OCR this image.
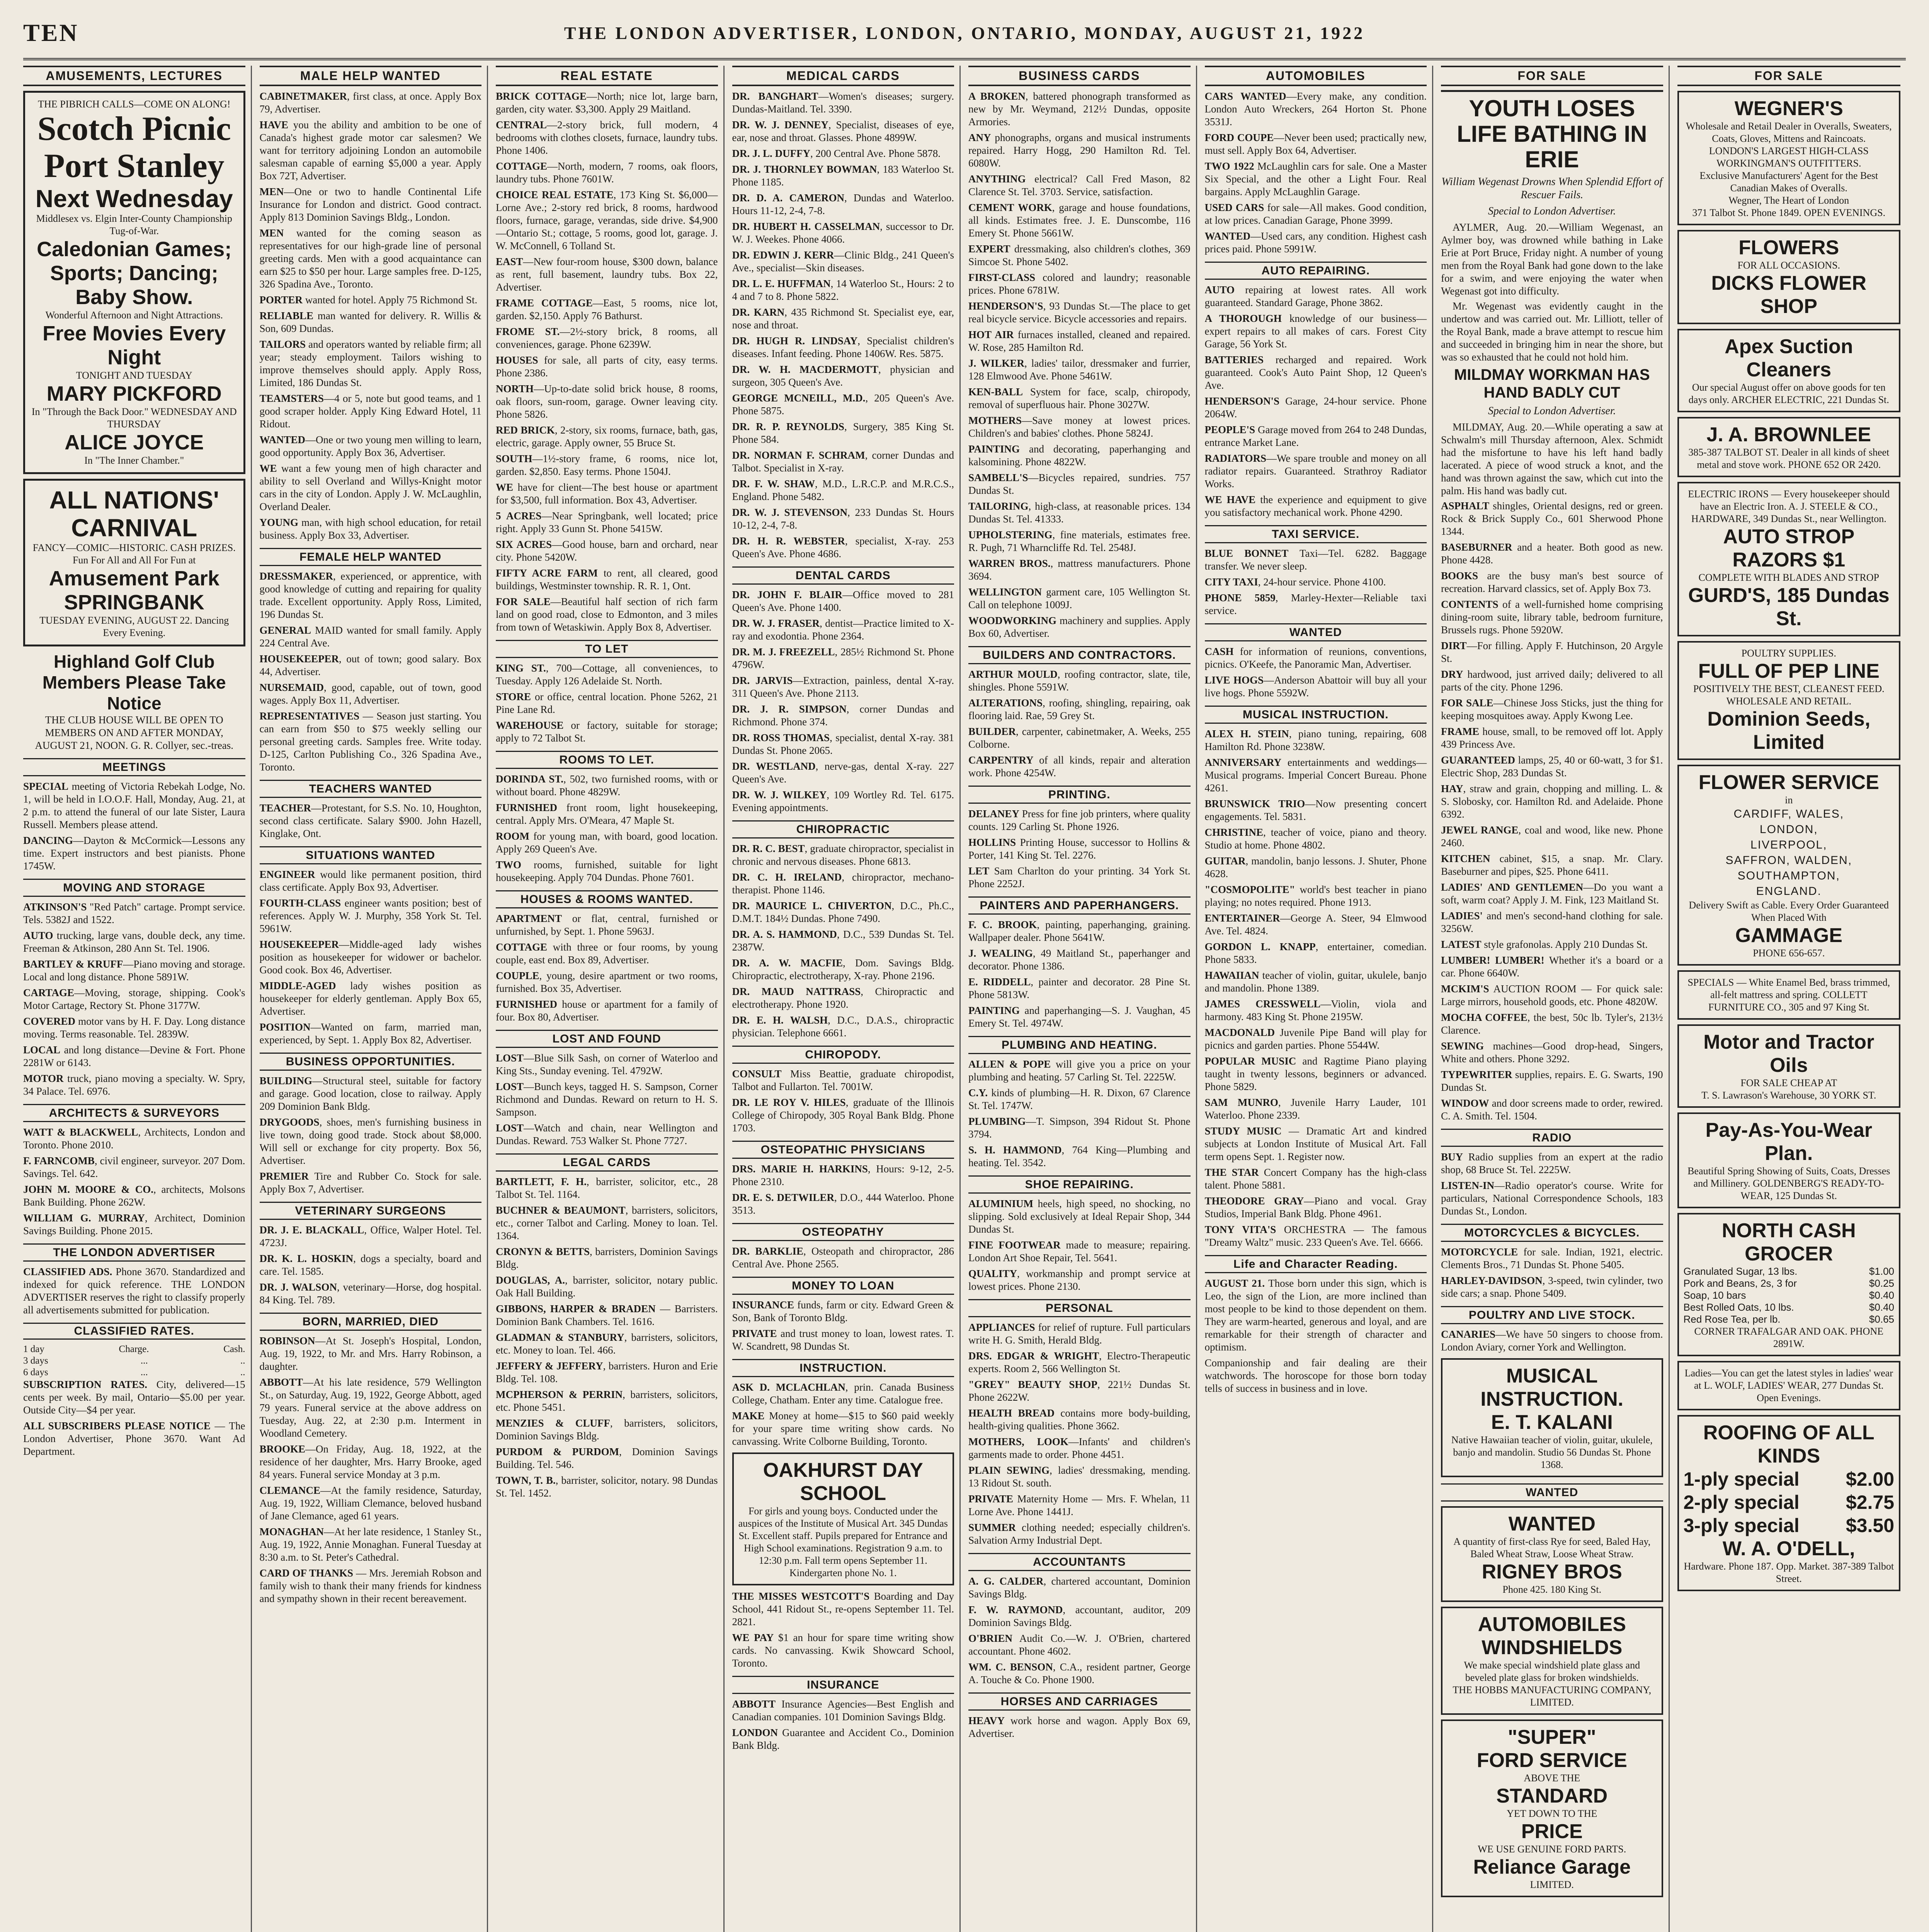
TEN	THE LONDON ADVERTISER, LONDON, ONTARIO, MONDAY, AUGUST 21, 1922
AMUSEMENTS, LECTURES
THE PIBRICH CALLS—COME ON ALONG!
Scotch Picnic
Port Stanley
Next Wednesday
Middlesex vs. Elgin Inter-County Championship Tug-of-War.
Caledonian Games; Sports; Dancing; Baby Show.
Wonderful Afternoon and Night Attractions.
Free Movies Every Night
TONIGHT AND TUESDAY
MARY PICKFORD
In "Through the Back Door." WEDNESDAY AND THURSDAY
ALICE JOYCE
In "The Inner Chamber."
ALL NATIONS'
CARNIVAL
FANCY—COMIC—HISTORIC. CASH PRIZES. Fun For All and All For Fun at
Amusement Park SPRINGBANK
TUESDAY EVENING, AUGUST 22. Dancing Every Evening.
Highland Golf Club Members Please Take Notice
THE CLUB HOUSE WILL BE OPEN TO MEMBERS ON AND AFTER MONDAY, AUGUST 21, NOON. G. R. Collyer, sec.-treas.
MEETINGS

SPECIAL meeting of Victoria Rebekah Lodge, No. 1, will be held in I.O.O.F. Hall, Monday, Aug. 21, at 2 p.m. to attend the funeral of our late Sister, Laura Russell. Members please attend.

DANCING—Dayton & McCormick—Lessons any time. Expert instructors and best pianists. Phone 1745W.

MOVING AND STORAGE

ATKINSON'S "Red Patch" cartage. Prompt service. Tels. 5382J and 1522.

AUTO trucking, large vans, double deck, any time. Freeman & Atkinson, 280 Ann St. Tel. 1906.

BARTLEY & KRUFF—Piano moving and storage. Local and long distance. Phone 5891W.

CARTAGE—Moving, storage, shipping. Cook's Motor Cartage, Rectory St. Phone 3177W.

COVERED motor vans by H. F. Day. Long distance moving. Terms reasonable. Tel. 2839W.

LOCAL and long distance—Devine & Fort. Phone 2281W or 6143.

MOTOR truck, piano moving a specialty. W. Spry, 34 Palace. Tel. 6976.

ARCHITECTS & SURVEYORS

WATT & BLACKWELL, Architects, London and Toronto. Phone 2010.

F. FARNCOMB, civil engineer, surveyor. 207 Dom. Savings. Tel. 642.

JOHN M. MOORE & CO., architects, Molsons Bank Building. Phone 262W.

WILLIAM G. MURRAY, Architect, Dominion Savings Building. Phone 2015.

THE LONDON ADVERTISER

CLASSIFIED ADS. Phone 3670. Standardized and indexed for quick reference. THE LONDON ADVERTISER reserves the right to classify properly all advertisements submitted for publication.

CLASSIFIED RATES.
1 day	Charge.	Cash.
3 days	...	..
6 days	...	..

SUBSCRIPTION RATES. City, delivered—15 cents per week. By mail, Ontario—$5.00 per year. Outside City—$4 per year.

ALL SUBSCRIBERS PLEASE NOTICE — The London Advertiser, Phone 3670. Want Ad Department.

MALE HELP WANTED

CABINETMAKER, first class, at once. Apply Box 79, Advertiser.

HAVE you the ability and ambition to be one of Canada's highest grade motor car salesmen? We want for territory adjoining London an automobile salesman capable of earning $5,000 a year. Apply Box 72T, Advertiser.

MEN—One or two to handle Continental Life Insurance for London and district. Good contract. Apply 813 Dominion Savings Bldg., London.

MEN wanted for the coming season as representatives for our high-grade line of personal greeting cards. Men with a good acquaintance can earn $25 to $50 per hour. Large samples free. D-125, 326 Spadina Ave., Toronto.

PORTER wanted for hotel. Apply 75 Richmond St.

RELIABLE man wanted for delivery. R. Willis & Son, 609 Dundas.

TAILORS and operators wanted by reliable firm; all year; steady employment. Tailors wishing to improve themselves should apply. Apply Ross, Limited, 186 Dundas St.

TEAMSTERS—4 or 5, note but good teams, and 1 good scraper holder. Apply King Edward Hotel, 11 Ridout.

WANTED—One or two young men willing to learn, good opportunity. Apply Box 36, Advertiser.

WE want a few young men of high character and ability to sell Overland and Willys-Knight motor cars in the city of London. Apply J. W. McLaughlin, Overland Dealer.

YOUNG man, with high school education, for retail business. Apply Box 33, Advertiser.

FEMALE HELP WANTED

DRESSMAKER, experienced, or apprentice, with good knowledge of cutting and repairing for quality trade. Excellent opportunity. Apply Ross, Limited, 196 Dundas St.

GENERAL MAID wanted for small family. Apply 224 Central Ave.

HOUSEKEEPER, out of town; good salary. Box 44, Advertiser.

NURSEMAID, good, capable, out of town, good wages. Apply Box 11, Advertiser.

REPRESENTATIVES — Season just starting. You can earn from $50 to $75 weekly selling our personal greeting cards. Samples free. Write today. D-125, Carlton Publishing Co., 326 Spadina Ave., Toronto.

TEACHERS WANTED

TEACHER—Protestant, for S.S. No. 10, Houghton, second class certificate. Salary $900. John Hazell, Kinglake, Ont.

SITUATIONS WANTED

ENGINEER would like permanent position, third class certificate. Apply Box 93, Advertiser.

FOURTH-CLASS engineer wants position; best of references. Apply W. J. Murphy, 358 York St. Tel. 5961W.

HOUSEKEEPER—Middle-aged lady wishes position as housekeeper for widower or bachelor. Good cook. Box 46, Advertiser.

MIDDLE-AGED lady wishes position as housekeeper for elderly gentleman. Apply Box 65, Advertiser.

POSITION—Wanted on farm, married man, experienced, by Sept. 1. Apply Box 82, Advertiser.

BUSINESS OPPORTUNITIES.

BUILDING—Structural steel, suitable for factory and garage. Good location, close to railway. Apply 209 Dominion Bank Bldg.

DRYGOODS, shoes, men's furnishing business in live town, doing good trade. Stock about $8,000. Will sell or exchange for city property. Box 56, Advertiser.

PREMIER Tire and Rubber Co. Stock for sale. Apply Box 7, Advertiser.

VETERINARY SURGEONS

DR. J. E. BLACKALL, Office, Walper Hotel. Tel. 4723J.

DR. K. L. HOSKIN, dogs a specialty, board and care. Tel. 1585.

DR. J. WALSON, veterinary—Horse, dog hospital. 84 King. Tel. 789.

BORN, MARRIED, DIED

ROBINSON—At St. Joseph's Hospital, London, Aug. 19, 1922, to Mr. and Mrs. Harry Robinson, a daughter.

ABBOTT—At his late residence, 579 Wellington St., on Saturday, Aug. 19, 1922, George Abbott, aged 79 years. Funeral service at the above address on Tuesday, Aug. 22, at 2:30 p.m. Interment in Woodland Cemetery.

BROOKE—On Friday, Aug. 18, 1922, at the residence of her daughter, Mrs. Harry Brooke, aged 84 years. Funeral service Monday at 3 p.m.

CLEMANCE—At the family residence, Saturday, Aug. 19, 1922, William Clemance, beloved husband of Jane Clemance, aged 61 years.

MONAGHAN—At her late residence, 1 Stanley St., Aug. 19, 1922, Annie Monaghan. Funeral Tuesday at 8:30 a.m. to St. Peter's Cathedral.

CARD OF THANKS — Mrs. Jeremiah Robson and family wish to thank their many friends for kindness and sympathy shown in their recent bereavement.

REAL ESTATE

BRICK COTTAGE—North; nice lot, large barn, garden, city water. $3,300. Apply 29 Maitland.

CENTRAL—2-story brick, full modern, 4 bedrooms with clothes closets, furnace, laundry tubs. Phone 1406.

COTTAGE—North, modern, 7 rooms, oak floors, laundry tubs. Phone 7601W.

CHOICE REAL ESTATE, 173 King St. $6,000—Lorne Ave.; 2-story red brick, 8 rooms, hardwood floors, furnace, garage, verandas, side drive. $4,900—Ontario St.; cottage, 5 rooms, good lot, garage. J. W. McConnell, 6 Tolland St.

EAST—New four-room house, $300 down, balance as rent, full basement, laundry tubs. Box 22, Advertiser.

FRAME COTTAGE—East, 5 rooms, nice lot, garden. $2,150. Apply 76 Bathurst.

FROME ST.—2½-story brick, 8 rooms, all conveniences, garage. Phone 6239W.

HOUSES for sale, all parts of city, easy terms. Phone 2386.

NORTH—Up-to-date solid brick house, 8 rooms, oak floors, sun-room, garage. Owner leaving city. Phone 5826.

RED BRICK, 2-story, six rooms, furnace, bath, gas, electric, garage. Apply owner, 55 Bruce St.

SOUTH—1½-story frame, 6 rooms, nice lot, garden. $2,850. Easy terms. Phone 1504J.

WE have for client—The best house or apartment for $3,500, full information. Box 43, Advertiser.

5 ACRES—Near Springbank, well located; price right. Apply 33 Gunn St. Phone 5415W.

SIX ACRES—Good house, barn and orchard, near city. Phone 5420W.

FIFTY ACRE FARM to rent, all cleared, good buildings, Westminster township. R. R. 1, Ont.

FOR SALE—Beautiful half section of rich farm land on good road, close to Edmonton, and 3 miles from town of Wetaskiwin. Apply Box 8, Advertiser.

TO LET

KING ST., 700—Cottage, all conveniences, to Tuesday. Apply 126 Adelaide St. North.

STORE or office, central location. Phone 5262, 21 Pine Lane Rd.

WAREHOUSE or factory, suitable for storage; apply to 72 Talbot St.

ROOMS TO LET.

DORINDA ST., 502, two furnished rooms, with or without board. Phone 4829W.

FURNISHED front room, light housekeeping, central. Apply Mrs. O'Meara, 47 Maple St.

ROOM for young man, with board, good location. Apply 269 Queen's Ave.

TWO rooms, furnished, suitable for light housekeeping. Apply 704 Dundas. Phone 7601.

HOUSES & ROOMS WANTED.

APARTMENT or flat, central, furnished or unfurnished, by Sept. 1. Phone 5963J.

COTTAGE with three or four rooms, by young couple, east end. Box 89, Advertiser.

COUPLE, young, desire apartment or two rooms, furnished. Box 35, Advertiser.

FURNISHED house or apartment for a family of four. Box 80, Advertiser.

LOST AND FOUND

LOST—Blue Silk Sash, on corner of Waterloo and King Sts., Sunday evening. Tel. 4792W.

LOST—Bunch keys, tagged H. S. Sampson, Corner Richmond and Dundas. Reward on return to H. S. Sampson.

LOST—Watch and chain, near Wellington and Dundas. Reward. 753 Walker St. Phone 7727.

LEGAL CARDS

BARTLETT, F. H., barrister, solicitor, etc., 28 Talbot St. Tel. 1164.

BUCHNER & BEAUMONT, barristers, solicitors, etc., corner Talbot and Carling. Money to loan. Tel. 1364.

CRONYN & BETTS, barristers, Dominion Savings Bldg.

DOUGLAS, A., barrister, solicitor, notary public. Oak Hall Building.

GIBBONS, HARPER & BRADEN — Barristers. Dominion Bank Chambers. Tel. 1616.

GLADMAN & STANBURY, barristers, solicitors, etc. Money to loan. Tel. 466.

JEFFERY & JEFFERY, barristers. Huron and Erie Bldg. Tel. 108.

MCPHERSON & PERRIN, barristers, solicitors, etc. Phone 5451.

MENZIES & CLUFF, barristers, solicitors, Dominion Savings Bldg.

PURDOM & PURDOM, Dominion Savings Building. Tel. 546.

TOWN, T. B., barrister, solicitor, notary. 98 Dundas St. Tel. 1452.

MEDICAL CARDS

DR. BANGHART—Women's diseases; surgery. Dundas-Maitland. Tel. 3390.

DR. W. J. DENNEY, Specialist, diseases of eye, ear, nose and throat. Glasses. Phone 4899W.

DR. J. L. DUFFY, 200 Central Ave. Phone 5878.

DR. J. THORNLEY BOWMAN, 183 Waterloo St. Phone 1185.

DR. D. A. CAMERON, Dundas and Waterloo. Hours 11-12, 2-4, 7-8.

DR. HUBERT H. CASSELMAN, successor to Dr. W. J. Weekes. Phone 4066.

DR. EDWIN J. KERR—Clinic Bldg., 241 Queen's Ave., specialist—Skin diseases.

DR. L. E. HUFFMAN, 14 Waterloo St., Hours: 2 to 4 and 7 to 8. Phone 5822.

DR. KARN, 435 Richmond St. Specialist eye, ear, nose and throat.

DR. HUGH R. LINDSAY, Specialist children's diseases. Infant feeding. Phone 1406W. Res. 5875.

DR. W. H. MACDERMOTT, physician and surgeon, 305 Queen's Ave.

GEORGE MCNEILL, M.D., 205 Queen's Ave. Phone 5875.

DR. R. P. REYNOLDS, Surgery, 385 King St. Phone 584.

DR. NORMAN F. SCHRAM, corner Dundas and Talbot. Specialist in X-ray.

DR. F. W. SHAW, M.D., L.R.C.P. and M.R.C.S., England. Phone 5482.

DR. W. J. STEVENSON, 233 Dundas St. Hours 10-12, 2-4, 7-8.

DR. H. R. WEBSTER, specialist, X-ray. 253 Queen's Ave. Phone 4686.

DENTAL CARDS

DR. JOHN F. BLAIR—Office moved to 281 Queen's Ave. Phone 1400.

DR. W. J. FRASER, dentist—Practice limited to X-ray and exodontia. Phone 2364.

DR. M. J. FREEZELL, 285½ Richmond St. Phone 4796W.

DR. JARVIS—Extraction, painless, dental X-ray. 311 Queen's Ave. Phone 2113.

DR. J. R. SIMPSON, corner Dundas and Richmond. Phone 374.

DR. ROSS THOMAS, specialist, dental X-ray. 381 Dundas St. Phone 2065.

DR. WESTLAND, nerve-gas, dental X-ray. 227 Queen's Ave.

DR. W. J. WILKEY, 109 Wortley Rd. Tel. 6175. Evening appointments.

CHIROPRACTIC

DR. R. C. BEST, graduate chiropractor, specialist in chronic and nervous diseases. Phone 6813.

DR. C. H. IRELAND, chiropractor, mechano-therapist. Phone 1146.

DR. MAURICE L. CHIVERTON, D.C., Ph.C., D.M.T. 184½ Dundas. Phone 7490.

DR. A. S. HAMMOND, D.C., 539 Dundas St. Tel. 2387W.

DR. A. W. MACFIE, Dom. Savings Bldg. Chiropractic, electrotherapy, X-ray. Phone 2196.

DR. MAUD NATTRASS, Chiropractic and electrotherapy. Phone 1920.

DR. E. H. WALSH, D.C., D.A.S., chiropractic physician. Telephone 6661.

CHIROPODY.

CONSULT Miss Beattie, graduate chiropodist, Talbot and Fullarton. Tel. 7001W.

DR. LE ROY V. HILES, graduate of the Illinois College of Chiropody, 305 Royal Bank Bldg. Phone 1703.

OSTEOPATHIC PHYSICIANS

DRS. MARIE H. HARKINS, Hours: 9-12, 2-5. Phone 2310.

DR. E. S. DETWILER, D.O., 444 Waterloo. Phone 3513.

OSTEOPATHY

DR. BARKLIE, Osteopath and chiropractor, 286 Central Ave. Phone 2565.

MONEY TO LOAN

INSURANCE funds, farm or city. Edward Green & Son, Bank of Toronto Bldg.

PRIVATE and trust money to loan, lowest rates. T. W. Scandrett, 98 Dundas St.

INSTRUCTION.

ASK D. MCLACHLAN, prin. Canada Business College, Chatham. Enter any time. Catalogue free.

MAKE Money at home—$15 to $60 paid weekly for your spare time writing show cards. No canvassing. Write Colborne Building, Toronto.

OAKHURST DAY SCHOOL
For girls and young boys. Conducted under the auspices of the Institute of Musical Art. 345 Dundas St. Excellent staff. Pupils prepared for Entrance and High School examinations. Registration 9 a.m. to 12:30 p.m. Fall term opens September 11. Kindergarten phone No. 1.

THE MISSES WESTCOTT'S Boarding and Day School, 441 Ridout St., re-opens September 11. Tel. 2821.

WE PAY $1 an hour for spare time writing show cards. No canvassing. Kwik Showcard School, Toronto.

INSURANCE

ABBOTT Insurance Agencies—Best English and Canadian companies. 101 Dominion Savings Bldg.

LONDON Guarantee and Accident Co., Dominion Bank Bldg.

BUSINESS CARDS

A BROKEN, battered phonograph transformed as new by Mr. Weymand, 212½ Dundas, opposite Armories.

ANY phonographs, organs and musical instruments repaired. Harry Hogg, 290 Hamilton Rd. Tel. 6080W.

ANYTHING electrical? Call Fred Mason, 82 Clarence St. Tel. 3703. Service, satisfaction.

CEMENT WORK, garage and house foundations, all kinds. Estimates free. J. E. Dunscombe, 116 Emery St. Phone 5661W.

EXPERT dressmaking, also children's clothes, 369 Simcoe St. Phone 5402.

FIRST-CLASS colored and laundry; reasonable prices. Phone 6781W.

HENDERSON'S, 93 Dundas St.—The place to get real bicycle service. Bicycle accessories and repairs.

HOT AIR furnaces installed, cleaned and repaired. W. Rose, 285 Hamilton Rd.

J. WILKER, ladies' tailor, dressmaker and furrier, 128 Elmwood Ave. Phone 5461W.

KEN-BALL System for face, scalp, chiropody, removal of superfluous hair. Phone 3027W.

MOTHERS—Save money at lowest prices. Children's and babies' clothes. Phone 5824J.

PAINTING and decorating, paperhanging and kalsomining. Phone 4822W.

SAMBELL'S—Bicycles repaired, sundries. 757 Dundas St.

TAILORING, high-class, at reasonable prices. 134 Dundas St. Tel. 41333.

UPHOLSTERING, fine materials, estimates free. R. Pugh, 71 Wharncliffe Rd. Tel. 2548J.

WARREN BROS., mattress manufacturers. Phone 3694.

WELLINGTON garment care, 105 Wellington St. Call on telephone 1009J.

WOODWORKING machinery and supplies. Apply Box 60, Advertiser.

BUILDERS AND CONTRACTORS.

ARTHUR MOULD, roofing contractor, slate, tile, shingles. Phone 5591W.

ALTERATIONS, roofing, shingling, repairing, oak flooring laid. Rae, 59 Grey St.

BUILDER, carpenter, cabinetmaker, A. Weeks, 255 Colborne.

CARPENTRY of all kinds, repair and alteration work. Phone 4254W.

PRINTING.

DELANEY Press for fine job printers, where quality counts. 129 Carling St. Phone 1926.

HOLLINS Printing House, successor to Hollins & Porter, 141 King St. Tel. 2276.

LET Sam Charlton do your printing. 34 York St. Phone 2252J.

PAINTERS AND PAPERHANGERS.

F. C. BROOK, painting, paperhanging, graining. Wallpaper dealer. Phone 5641W.

J. WEALING, 49 Maitland St., paperhanger and decorator. Phone 1386.

E. RIDDELL, painter and decorator. 28 Pine St. Phone 5813W.

PAINTING and paperhanging—S. J. Vaughan, 45 Emery St. Tel. 4974W.

PLUMBING AND HEATING.

ALLEN & POPE will give you a price on your plumbing and heating. 57 Carling St. Tel. 2225W.

C.Y. kinds of plumbing—H. R. Dixon, 67 Clarence St. Tel. 1747W.

PLUMBING—T. Simpson, 394 Ridout St. Phone 3794.

S. H. HAMMOND, 764 King—Plumbing and heating. Tel. 3542.

SHOE REPAIRING.

ALUMINIUM heels, high speed, no shocking, no slipping. Sold exclusively at Ideal Repair Shop, 344 Dundas St.

FINE FOOTWEAR made to measure; repairing. London Art Shoe Repair, Tel. 5641.

QUALITY, workmanship and prompt service at lowest prices. Phone 2130.

PERSONAL

APPLIANCES for relief of rupture. Full particulars write H. G. Smith, Herald Bldg.

DRS. EDGAR & WRIGHT, Electro-Therapeutic experts. Room 2, 566 Wellington St.

"GREY" BEAUTY SHOP, 221½ Dundas St. Phone 2622W.

HEALTH BREAD contains more body-building, health-giving qualities. Phone 3662.

MOTHERS, LOOK—Infants' and children's garments made to order. Phone 4451.

PLAIN SEWING, ladies' dressmaking, mending. 13 Ridout St. south.

PRIVATE Maternity Home — Mrs. F. Whelan, 11 Lorne Ave. Phone 1441J.

SUMMER clothing needed; especially children's. Salvation Army Industrial Dept.

ACCOUNTANTS

A. G. CALDER, chartered accountant, Dominion Savings Bldg.

F. W. RAYMOND, accountant, auditor, 209 Dominion Savings Bldg.

O'BRIEN Audit Co.—W. J. O'Brien, chartered accountant. Phone 4602.

WM. C. BENSON, C.A., resident partner, George A. Touche & Co. Phone 1900.

HORSES AND CARRIAGES

HEAVY work horse and wagon. Apply Box 69, Advertiser.

AUTOMOBILES

CARS WANTED—Every make, any condition. London Auto Wreckers, 264 Horton St. Phone 3531J.

FORD COUPE—Never been used; practically new, must sell. Apply Box 64, Advertiser.

TWO 1922 McLaughlin cars for sale. One a Master Six Special, and the other a Light Four. Real bargains. Apply McLaughlin Garage.

USED CARS for sale—All makes. Good condition, at low prices. Canadian Garage, Phone 3999.

WANTED—Used cars, any condition. Highest cash prices paid. Phone 5991W.

AUTO REPAIRING.

AUTO repairing at lowest rates. All work guaranteed. Standard Garage, Phone 3862.

A THOROUGH knowledge of our business—expert repairs to all makes of cars. Forest City Garage, 56 York St.

BATTERIES recharged and repaired. Work guaranteed. Cook's Auto Paint Shop, 12 Queen's Ave.

HENDERSON'S Garage, 24-hour service. Phone 2064W.

PEOPLE'S Garage moved from 264 to 248 Dundas, entrance Market Lane.

RADIATORS—We spare trouble and money on all radiator repairs. Guaranteed. Strathroy Radiator Works.

WE HAVE the experience and equipment to give you satisfactory mechanical work. Phone 4290.

TAXI SERVICE.

BLUE BONNET Taxi—Tel. 6282. Baggage transfer. We never sleep.

CITY TAXI, 24-hour service. Phone 4100.

PHONE 5859, Marley-Hexter—Reliable taxi service.

WANTED

CASH for information of reunions, conventions, picnics. O'Keefe, the Panoramic Man, Advertiser.

LIVE HOGS—Anderson Abattoir will buy all your live hogs. Phone 5592W.

MUSICAL INSTRUCTION.

ALEX H. STEIN, piano tuning, repairing, 608 Hamilton Rd. Phone 3238W.

ANNIVERSARY entertainments and weddings—Musical programs. Imperial Concert Bureau. Phone 4261.

BRUNSWICK TRIO—Now presenting concert engagements. Tel. 5831.

CHRISTINE, teacher of voice, piano and theory. Studio at home. Phone 4802.

GUITAR, mandolin, banjo lessons. J. Shuter, Phone 4628.

"COSMOPOLITE" world's best teacher in piano playing; no notes required. Phone 1913.

ENTERTAINER—George A. Steer, 94 Elmwood Ave. Tel. 4824.

GORDON L. KNAPP, entertainer, comedian. Phone 5833.

HAWAIIAN teacher of violin, guitar, ukulele, banjo and mandolin. Phone 1389.

JAMES CRESSWELL—Violin, viola and harmony. 483 King St. Phone 2195W.

MACDONALD Juvenile Pipe Band will play for picnics and garden parties. Phone 5544W.

POPULAR MUSIC and Ragtime Piano playing taught in twenty lessons, beginners or advanced. Phone 5829.

SAM MUNRO, Juvenile Harry Lauder, 101 Waterloo. Phone 2339.

STUDY MUSIC — Dramatic Art and kindred subjects at London Institute of Musical Art. Fall term opens Sept. 1. Register now.

THE STAR Concert Company has the high-class talent. Phone 5881.

THEODORE GRAY—Piano and vocal. Gray Studios, Imperial Bank Bldg. Phone 4961.

TONY VITA'S ORCHESTRA — The famous "Dreamy Waltz" music. 233 Queen's Ave. Tel. 6666.

Life and Character Reading.

AUGUST 21. Those born under this sign, which is Leo, the sign of the Lion, are more inclined than most people to be kind to those dependent on them. They are warm-hearted, generous and loyal, and are remarkable for their strength of character and optimism.

Companionship and fair dealing are their watchwords. The horoscope for those born today tells of success in business and in love.

FOR SALE
YOUTH LOSES LIFE BATHING IN ERIE
William Wegenast Drowns When Splendid Effort of Rescuer Fails.
Special to London Advertiser.

AYLMER, Aug. 20.—William Wegenast, an Aylmer boy, was drowned while bathing in Lake Erie at Port Bruce, Friday night. A number of young men from the Royal Bank had gone down to the lake for a swim, and were enjoying the water when Wegenast got into difficulty.

Mr. Wegenast was evidently caught in the undertow and was carried out. Mr. Lilliott, teller of the Royal Bank, made a brave attempt to rescue him and succeeded in bringing him in near the shore, but was so exhausted that he could not hold him.

MILDMAY WORKMAN HAS HAND BADLY CUT
Special to London Advertiser.

MILDMAY, Aug. 20.—While operating a saw at Schwalm's mill Thursday afternoon, Alex. Schmidt had the misfortune to have his left hand badly lacerated. A piece of wood struck a knot, and the hand was thrown against the saw, which cut into the palm. His hand was badly cut.

ASPHALT shingles, Oriental designs, red or green. Rock & Brick Supply Co., 601 Sherwood Phone 1344.

BASEBURNER and a heater. Both good as new. Phone 4428.

BOOKS are the busy man's best source of recreation. Harvard classics, set of. Apply Box 73.

CONTENTS of a well-furnished home comprising dining-room suite, library table, bedroom furniture, Brussels rugs. Phone 5920W.

DIRT—For filling. Apply F. Hutchinson, 20 Argyle St.

DRY hardwood, just arrived daily; delivered to all parts of the city. Phone 1296.

FOR SALE—Chinese Joss Sticks, just the thing for keeping mosquitoes away. Apply Kwong Lee.

FRAME house, small, to be removed off lot. Apply 439 Princess Ave.

GUARANTEED lamps, 25, 40 or 60-watt, 3 for $1. Electric Shop, 283 Dundas St.

HAY, straw and grain, chopping and milling. L. & S. Slobosky, cor. Hamilton Rd. and Adelaide. Phone 6392.

JEWEL RANGE, coal and wood, like new. Phone 2460.

KITCHEN cabinet, $15, a snap. Mr. Clary. Baseburner and pipes, $25. Phone 6411.

LADIES' AND GENTLEMEN—Do you want a soft, warm coat? Apply J. M. Fink, 123 Maitland St.

LADIES' and men's second-hand clothing for sale. 3256W.

LATEST style grafonolas. Apply 210 Dundas St.

LUMBER! LUMBER! Whether it's a board or a car. Phone 6640W.

MCKIM'S AUCTION ROOM — For quick sale: Large mirrors, household goods, etc. Phone 4820W.

MOCHA COFFEE, the best, 50c lb. Tyler's, 213½ Clarence.

SEWING machines—Good drop-head, Singers, White and others. Phone 3292.

TYPEWRITER supplies, repairs. E. G. Swarts, 190 Dundas St.

WINDOW and door screens made to order, rewired. C. A. Smith. Tel. 1504.

RADIO

BUY Radio supplies from an expert at the radio shop, 68 Bruce St. Tel. 2225W.

LISTEN-IN—Radio operator's course. Write for particulars, National Correspondence Schools, 183 Dundas St., London.

MOTORCYCLES & BICYCLES.

MOTORCYCLE for sale. Indian, 1921, electric. Clements Bros., 71 Dundas St. Phone 5405.

HARLEY-DAVIDSON, 3-speed, twin cylinder, two side cars; a snap. Phone 5409.

POULTRY AND LIVE STOCK.

CANARIES—We have 50 singers to choose from. London Aviary, corner York and Wellington.

MUSICAL INSTRUCTION.
E. T. KALANI
Native Hawaiian teacher of violin, guitar, ukulele, banjo and mandolin. Studio 56 Dundas St. Phone 1368.
WANTED
WANTED
A quantity of first-class Rye for seed, Baled Hay, Baled Wheat Straw, Loose Wheat Straw.
RIGNEY BROS
Phone 425. 180 King St.
AUTOMOBILES
WINDSHIELDS
We make special windshield plate glass and beveled plate glass for broken windshields.
THE HOBBS MANUFACTURING COMPANY, LIMITED.
"SUPER"
FORD SERVICE
ABOVE THE
STANDARD
YET DOWN TO THE
PRICE
WE USE GENUINE FORD PARTS.
Reliance Garage
LIMITED.
FOR SALE
WEGNER'S
Wholesale and Retail Dealer in Overalls, Sweaters, Coats, Gloves, Mittens and Raincoats.
LONDON'S LARGEST HIGH-CLASS WORKINGMAN'S OUTFITTERS.
Exclusive Manufacturers' Agent for the Best Canadian Makes of Overalls.
Wegner, The Heart of London
371 Talbot St. Phone 1849. OPEN EVENINGS.
FLOWERS
FOR ALL OCCASIONS.
DICKS FLOWER SHOP
Apex Suction Cleaners
Our special August offer on above goods for ten days only. ARCHER ELECTRIC, 221 Dundas St.
J. A. BROWNLEE
385-387 TALBOT ST. Dealer in all kinds of sheet metal and stove work. PHONE 652 OR 2420.
ELECTRIC IRONS — Every housekeeper should have an Electric Iron. A. J. STEELE & CO., HARDWARE, 349 Dundas St., near Wellington.
AUTO STROP RAZORS $1
COMPLETE WITH BLADES AND STROP
GURD'S, 185 Dundas St.
POULTRY SUPPLIES.
FULL OF PEP LINE
POSITIVELY THE BEST, CLEANEST FEED. WHOLESALE AND RETAIL.
Dominion Seeds, Limited
FLOWER SERVICE
in
CARDIFF, WALES,
LONDON,
LIVERPOOL,
SAFFRON, WALDEN,
SOUTHAMPTON,
ENGLAND.
Delivery Swift as Cable. Every Order Guaranteed When Placed With
GAMMAGE
PHONE 656-657.
SPECIALS — White Enamel Bed, brass trimmed, all-felt mattress and spring. COLLETT FURNITURE CO., 305 and 97 King St.
Motor and Tractor Oils
FOR SALE CHEAP AT
T. S. Lawrason's Warehouse, 30 YORK ST.
Pay-As-You-Wear Plan.
Beautiful Spring Showing of Suits, Coats, Dresses and Millinery. GOLDENBERG'S READY-TO-WEAR, 125 Dundas St.
NORTH CASH GROCER
Granulated Sugar, 13 lbs.	$1.00
Pork and Beans, 2s, 3 for	$0.25
Soap, 10 bars	$0.40
Best Rolled Oats, 10 lbs.	$0.40
Red Rose Tea, per lb.	$0.65
CORNER TRAFALGAR AND OAK. PHONE 2891W.
Ladies—You can get the latest styles in ladies' wear at L. WOLF, LADIES' WEAR, 277 Dundas St. Open Evenings.
ROOFING OF ALL KINDS
1-ply special $2.00
2-ply special $2.75
3-ply special $3.50
W. A. O'DELL,
Hardware. Phone 187. Opp. Market. 387-389 Talbot Street.
